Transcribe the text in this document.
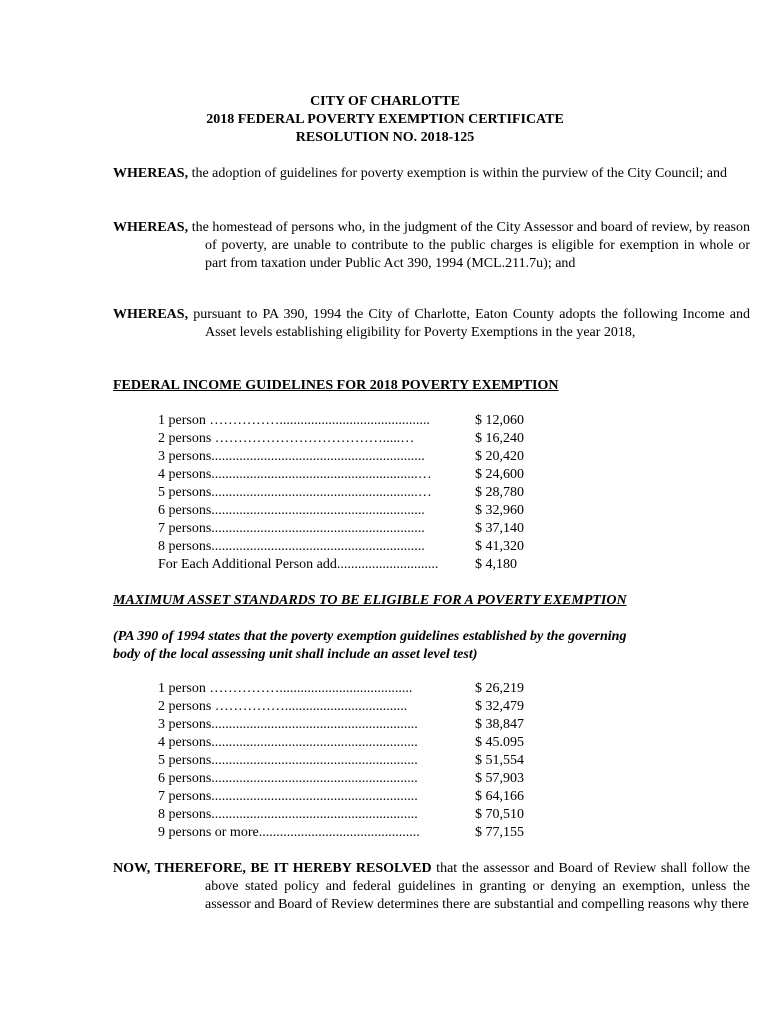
CITY OF CHARLOTTE
2018 FEDERAL POVERTY EXEMPTION CERTIFICATE
RESOLUTION NO. 2018-125
WHEREAS, the adoption of guidelines for poverty exemption is within the purview of the City Council; and
WHEREAS, the homestead of persons who, in the judgment of the City Assessor and board of review, by reason of poverty, are unable to contribute to the public charges is eligible for exemption in whole or part from taxation under Public Act 390, 1994 (MCL.211.7u); and
WHEREAS, pursuant to PA 390, 1994 the City of Charlotte, Eaton County adopts the following Income and Asset levels establishing eligibility for Poverty Exemptions in the year 2018,
FEDERAL INCOME GUIDELINES FOR 2018 POVERTY EXEMPTION
1 person ……………...........................................	$ 12,060
2 persons ……………………………….....…	$ 16,240
3 persons.............................................................	$ 20,420
4 persons...........................................................…	$ 24,600
5 persons...........................................................…	$ 28,780
6 persons.............................................................	$ 32,960
7 persons.............................................................	$ 37,140
8 persons.............................................................	$ 41,320
For Each Additional Person add.............................	$ 4,180
MAXIMUM ASSET STANDARDS TO BE ELIGIBLE FOR A POVERTY EXEMPTION
(PA 390 of 1994 states that the poverty exemption guidelines established by the governing body of the local assessing unit shall include an asset level test)
1 person ……………......................................	$ 26,219
2 persons ……………...................................	$ 32,479
3 persons...........................................................	$ 38,847
4 persons...........................................................	$ 45.095
5 persons...........................................................	$ 51,554
6 persons...........................................................	$ 57,903
7 persons...........................................................	$ 64,166
8 persons...........................................................	$ 70,510
9 persons or more..............................................	$ 77,155
NOW, THEREFORE, BE IT HEREBY RESOLVED that the assessor and Board of Review shall follow the above stated policy and federal guidelines in granting or denying an exemption, unless the assessor and Board of Review determines there are substantial and compelling reasons why there
